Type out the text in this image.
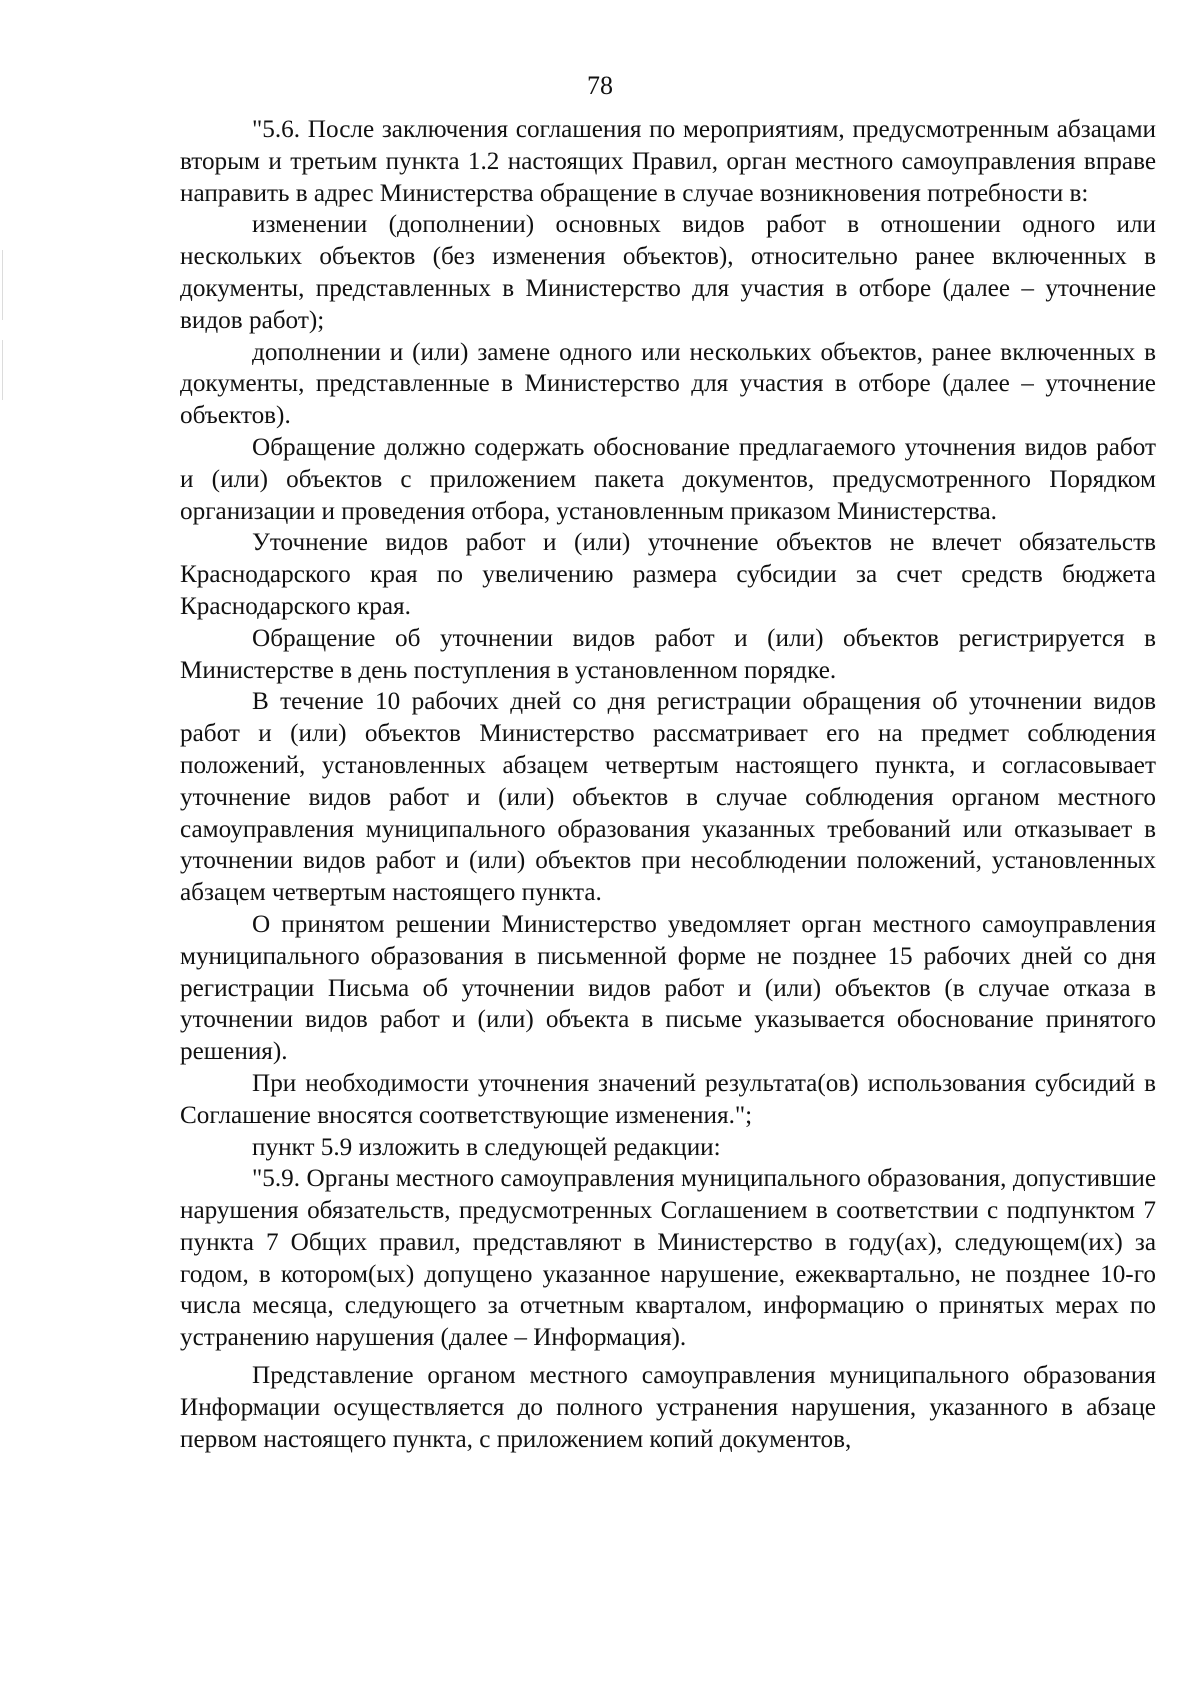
78

"5.6. После заключения соглашения по мероприятиям, предусмотренным абзацами вторым и третьим пункта 1.2 настоящих Правил, орган местного самоуправления вправе направить в адрес Министерства обращение в случае возникновения потребности в:

изменении (дополнении) основных видов работ в отношении одного или нескольких объектов (без изменения объектов), относительно ранее включенных в документы, представленных в Министерство для участия в отборе (далее – уточнение видов работ);

дополнении и (или) замене одного или нескольких объектов, ранее включенных в документы, представленные в Министерство для участия в отборе (далее – уточнение объектов).

Обращение должно содержать обоснование предлагаемого уточнения видов работ и (или) объектов с приложением пакета документов, предусмотренного Порядком организации и проведения отбора, установленным приказом Министерства.

Уточнение видов работ и (или) уточнение объектов не влечет обязательств Краснодарского края по увеличению размера субсидии за счет средств бюджета Краснодарского края.

Обращение об уточнении видов работ и (или) объектов регистрируется в Министерстве в день поступления в установленном порядке.

В течение 10 рабочих дней со дня регистрации обращения об уточнении видов работ и (или) объектов Министерство рассматривает его на предмет соблюдения положений, установленных абзацем четвертым настоящего пункта, и согласовывает уточнение видов работ и (или) объектов в случае соблюдения органом местного самоуправления муниципального образования указанных требований или отказывает в уточнении видов работ и (или) объектов при несоблюдении положений, установленных абзацем четвертым настоящего пункта.

О принятом решении Министерство уведомляет орган местного самоуправления муниципального образования в письменной форме не позднее 15 рабочих дней со дня регистрации Письма об уточнении видов работ и (или) объектов (в случае отказа в уточнении видов работ и (или) объекта в письме указывается обоснование принятого решения).

При необходимости уточнения значений результата(ов) использования субсидий в Соглашение вносятся соответствующие изменения.";

пункт 5.9 изложить в следующей редакции:

"5.9. Органы местного самоуправления муниципального образования, допустившие нарушения обязательств, предусмотренных Соглашением в соответствии с подпунктом 7 пункта 7 Общих правил, представляют в Министерство в году(ах), следующем(их) за годом, в котором(ых) допущено указанное нарушение, ежеквартально, не позднее 10-го числа месяца, следующего за отчетным кварталом, информацию о принятых мерах по устранению нарушения (далее – Информация).

Представление органом местного самоуправления муниципального образования Информации осуществляется до полного устранения нарушения, указанного в абзаце первом настоящего пункта, с приложением копий документов,
